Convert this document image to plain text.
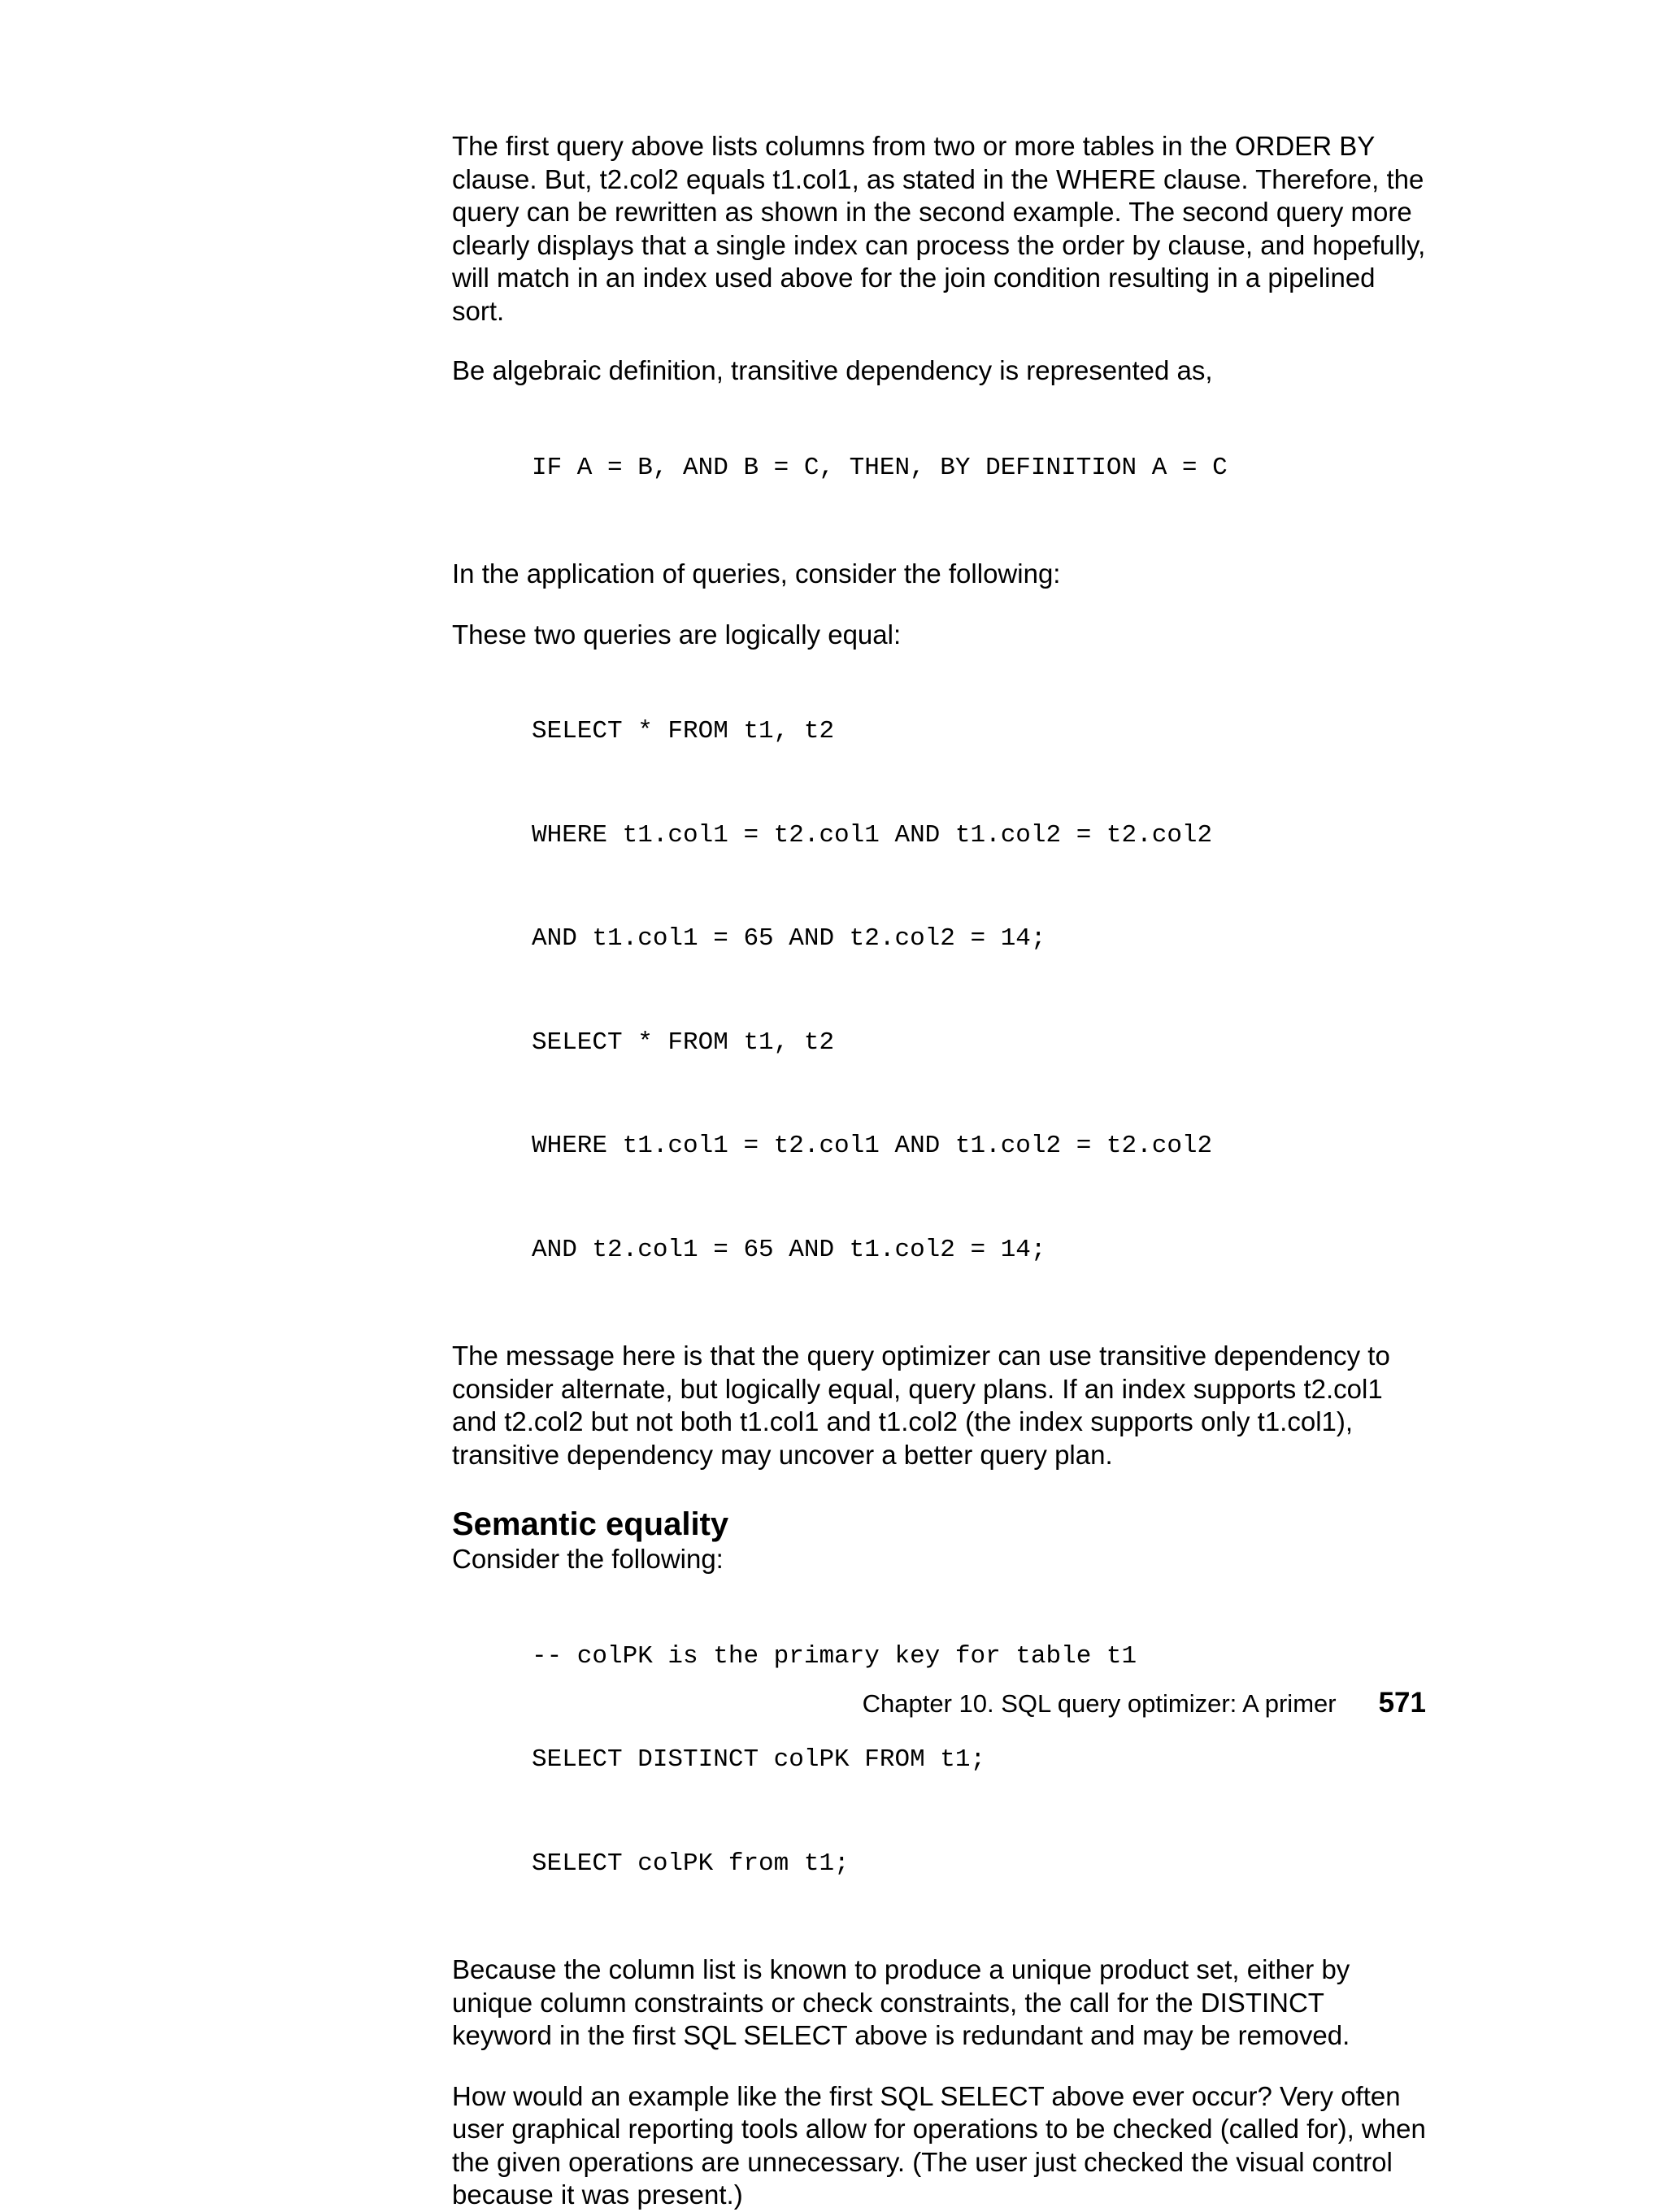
The first query above lists columns from two or more tables in the ORDER BY clause. But, t2.col2 equals t1.col1, as stated in the WHERE clause. Therefore, the query can be rewritten as shown in the second example. The second query more clearly displays that a single index can process the order by clause, and hopefully, will match in an index used above for the join condition resulting in a pipelined sort.

Be algebraic definition, transitive dependency is represented as,

IF A = B, AND B = C, THEN, BY DEFINITION A = C

In the application of queries, consider the following:

These two queries are logically equal:

SELECT * FROM t1, t2

WHERE t1.col1 = t2.col1 AND t1.col2 = t2.col2

AND t1.col1 = 65 AND t2.col2 = 14;

SELECT * FROM t1, t2

WHERE t1.col1 = t2.col1 AND t1.col2 = t2.col2

AND t2.col1 = 65 AND t1.col2 = 14;

The message here is that the query optimizer can use transitive dependency to consider alternate, but logically equal, query plans. If an index supports t2.col1 and t2.col2 but not both t1.col1 and t1.col2 (the index supports only t1.col1), transitive dependency may uncover a better query plan.

Semantic equality

Consider the following:

-- colPK is the primary key for table t1

SELECT DISTINCT colPK FROM t1;

SELECT colPK from t1;

Because the column list is known to produce a unique product set, either by unique column constraints or check constraints, the call for the DISTINCT keyword in the first SQL SELECT above is redundant and may be removed.

How would an example like the first SQL SELECT above ever occur? Very often user graphical reporting tools allow for operations to be checked (called for), when the given operations are unnecessary. (The user just checked the visual control because it was present.)

Chapter 10. SQL query optimizer: A primer 571
